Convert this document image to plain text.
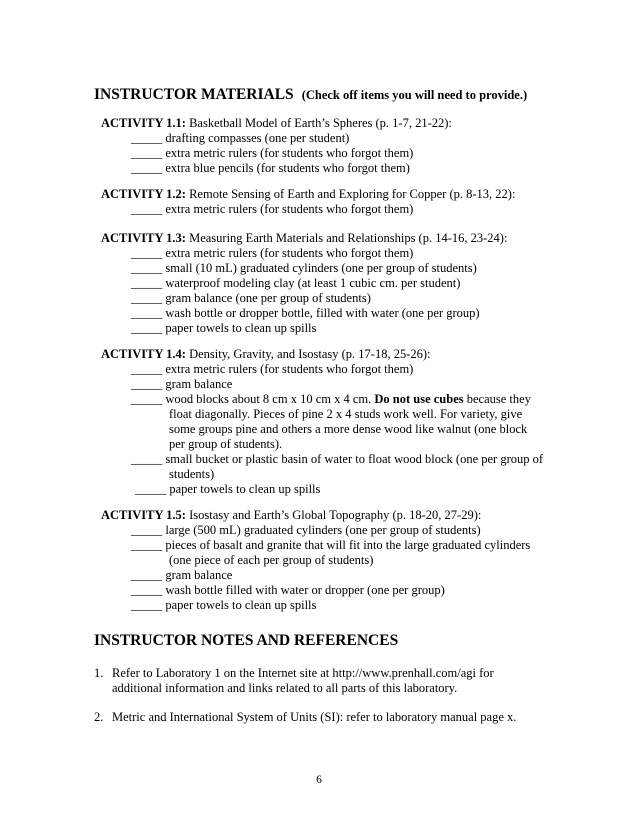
INSTRUCTOR MATERIALS (Check off items you will need to provide.)
ACTIVITY 1.1: Basketball Model of Earth’s Spheres (p. 1-7, 21-22):
_____ drafting compasses (one per student)
_____ extra metric rulers (for students who forgot them)
_____ extra blue pencils (for students who forgot them)
ACTIVITY 1.2: Remote Sensing of Earth and Exploring for Copper (p. 8-13, 22):
_____ extra metric rulers (for students who forgot them)
ACTIVITY 1.3: Measuring Earth Materials and Relationships (p. 14-16, 23-24):
_____ extra metric rulers (for students who forgot them)
_____ small (10 mL) graduated cylinders (one per group of students)
_____ waterproof modeling clay (at least 1 cubic cm. per student)
_____ gram balance (one per group of students)
_____ wash bottle or dropper bottle, filled with water (one per group)
_____ paper towels to clean up spills
ACTIVITY 1.4: Density, Gravity, and Isostasy (p. 17-18, 25-26):
_____ extra metric rulers (for students who forgot them)
_____ gram balance
_____ wood blocks about 8 cm x 10 cm x 4 cm. Do not use cubes because they
float diagonally. Pieces of pine 2 x 4 studs work well. For variety, give
some groups pine and others a more dense wood like walnut (one block
per group of students).
_____ small bucket or plastic basin of water to float wood block (one per group of
students)
_____ paper towels to clean up spills
ACTIVITY 1.5: Isostasy and Earth’s Global Topography (p. 18-20, 27-29):
_____ large (500 mL) graduated cylinders (one per group of students)
_____ pieces of basalt and granite that will fit into the large graduated cylinders
(one piece of each per group of students)
_____ gram balance
_____ wash bottle filled with water or dropper (one per group)
_____ paper towels to clean up spills
INSTRUCTOR NOTES AND REFERENCES
1. Refer to Laboratory 1 on the Internet site at http://www.prenhall.com/agi for
additional information and links related to all parts of this laboratory.
2. Metric and International System of Units (SI): refer to laboratory manual page x.
6
